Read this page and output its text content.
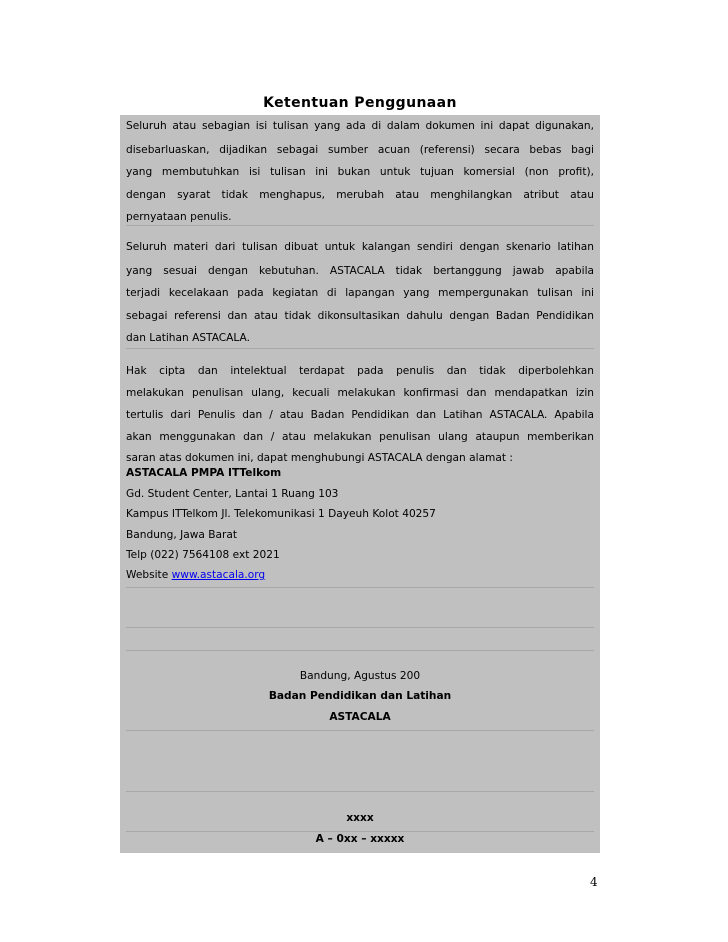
Ketentuan Penggunaan
Seluruh atau sebagian isi tulisan yang ada di dalam dokumen ini dapat digunakan,
disebarluaskan, dijadikan sebagai sumber acuan (referensi) secara bebas bagi
yang membutuhkan isi tulisan ini bukan untuk tujuan komersial (non profit),
dengan syarat tidak menghapus, merubah atau menghilangkan atribut atau
pernyataan penulis.
Seluruh materi dari tulisan dibuat untuk kalangan sendiri dengan skenario latihan
yang sesuai dengan kebutuhan. ASTACALA tidak bertanggung jawab apabila
terjadi kecelakaan pada kegiatan di lapangan yang mempergunakan tulisan ini
sebagai referensi dan atau tidak dikonsultasikan dahulu dengan Badan Pendidikan
dan Latihan ASTACALA.
Hak cipta dan intelektual terdapat pada penulis dan tidak diperbolehkan
melakukan penulisan ulang, kecuali melakukan konfirmasi dan mendapatkan izin
tertulis dari Penulis dan / atau Badan Pendidikan dan Latihan ASTACALA. Apabila
akan menggunakan dan / atau melakukan penulisan ulang ataupun memberikan
saran atas dokumen ini, dapat menghubungi ASTACALA dengan alamat :
ASTACALA PMPA ITTelkom
Gd. Student Center, Lantai 1 Ruang 103
Kampus ITTelkom Jl. Telekomunikasi 1 Dayeuh Kolot 40257
Bandung, Jawa Barat
Telp (022) 7564108 ext 2021
Website www.astacala.org
Bandung, Agustus 200
Badan Pendidikan dan Latihan
ASTACALA
xxxx
A – 0xx – xxxxx
4
